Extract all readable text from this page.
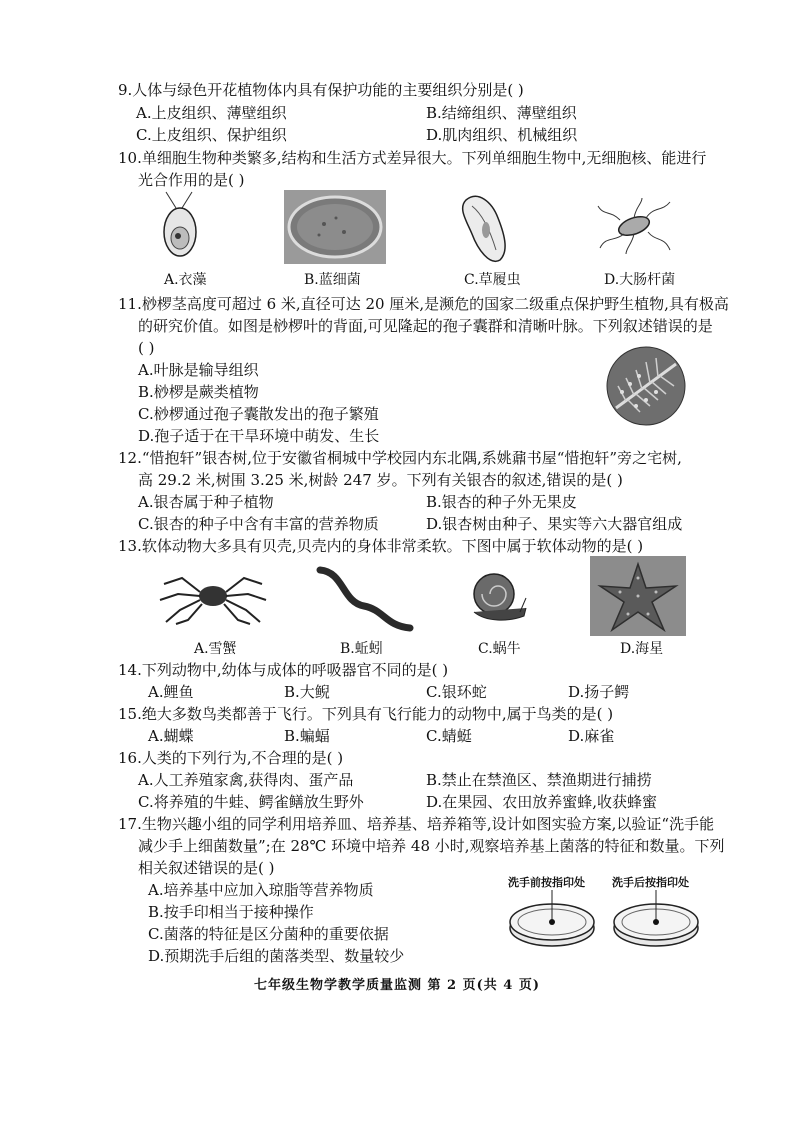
9.人体与绿色开花植物体内具有保护功能的主要组织分别是( )
A.上皮组织、薄壁组织	B.结缔组织、薄壁组织
C.上皮组织、保护组织	D.肌肉组织、机械组织
10.单细胞生物种类繁多,结构和生活方式差异很大。下列单细胞生物中,无细胞核、能进行
光合作用的是( )
A.衣藻	B.蓝细菌	C.草履虫	D.大肠杆菌
11.桫椤茎高度可超过 6 米,直径可达 20 厘米,是濒危的国家二级重点保护野生植物,具有极高
的研究价值。如图是桫椤叶的背面,可见隆起的孢子囊群和清晰叶脉。下列叙述错误的是
( )
A.叶脉是输导组织
B.桫椤是蕨类植物
C.桫椤通过孢子囊散发出的孢子繁殖
D.孢子适于在干旱环境中萌发、生长
12.“惜抱轩”银杏树,位于安徽省桐城中学校园内东北隅,系姚鼐书屋“惜抱轩”旁之宅树,
高 29.2 米,树围 3.25 米,树龄 247 岁。下列有关银杏的叙述,错误的是( )
A.银杏属于种子植物	B.银杏的种子外无果皮
C.银杏的种子中含有丰富的营养物质	D.银杏树由种子、果实等六大器官组成
13.软体动物大多具有贝壳,贝壳内的身体非常柔软。下图中属于软体动物的是( )
A.雪蟹	B.蚯蚓	C.蜗牛	D.海星
14.下列动物中,幼体与成体的呼吸器官不同的是( )
A.鲤鱼	B.大鲵	C.银环蛇	D.扬子鳄
15.绝大多数鸟类都善于飞行。下列具有飞行能力的动物中,属于鸟类的是( )
A.蝴蝶	B.蝙蝠	C.蜻蜓	D.麻雀
16.人类的下列行为,不合理的是( )
A.人工养殖家禽,获得肉、蛋产品	B.禁止在禁渔区、禁渔期进行捕捞
C.将养殖的牛蛙、鳄雀鳝放生野外	D.在果园、农田放养蜜蜂,收获蜂蜜
17.生物兴趣小组的同学利用培养皿、培养基、培养箱等,设计如图实验方案,以验证“洗手能
减少手上细菌数量”;在 28℃ 环境中培养 48 小时,观察培养基上菌落的特征和数量。下列
相关叙述错误的是( )
A.培养基中应加入琼脂等营养物质
B.按手印相当于接种操作
C.菌落的特征是区分菌种的重要依据
D.预期洗手后组的菌落类型、数量较少
洗手前按指印处 洗手后按指印处
七年级生物学教学质量监测 第 2 页(共 4 页)
